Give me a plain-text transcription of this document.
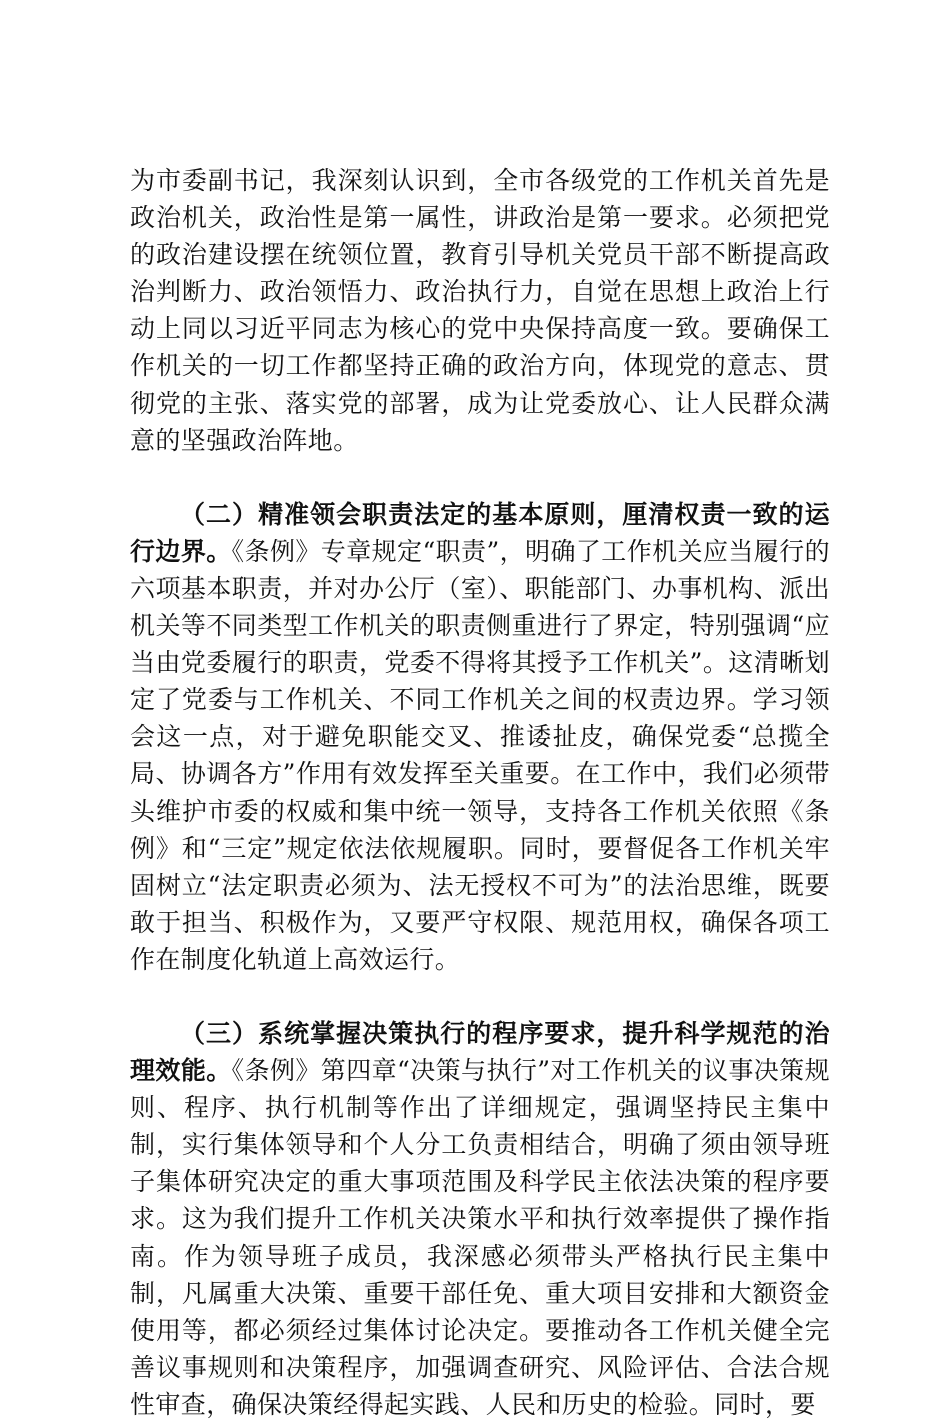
为市委副书记，我深刻认识到，全市各级党的工作机关首先是政治机关，政治性是第一属性，讲政治是第一要求。必须把党的政治建设摆在统领位置，教育引导机关党员干部不断提高政治判断力、政治领悟力、政治执行力，自觉在思想上政治上行动上同以习近平同志为核心的党中央保持高度一致。要确保工作机关的一切工作都坚持正确的政治方向，体现党的意志、贯彻党的主张、落实党的部署，成为让党委放心、让人民群众满意的坚强政治阵地。

（二）精准领会职责法定的基本原则，厘清权责一致的运行边界。《条例》专章规定“职责”，明确了工作机关应当履行的六项基本职责，并对办公厅（室）、职能部门、办事机构、派出机关等不同类型工作机关的职责侧重进行了界定，特别强调“应当由党委履行的职责，党委不得将其授予工作机关”。这清晰划定了党委与工作机关、不同工作机关之间的权责边界。学习领会这一点，对于避免职能交叉、推诿扯皮，确保党委“总揽全局、协调各方”作用有效发挥至关重要。在工作中，我们必须带头维护市委的权威和集中统一领导，支持各工作机关依照《条例》和“三定”规定依法依规履职。同时，要督促各工作机关牢固树立“法定职责必须为、法无授权不可为”的法治思维，既要敢于担当、积极作为，又要严守权限、规范用权，确保各项工作在制度化轨道上高效运行。

（三）系统掌握决策执行的程序要求，提升科学规范的治理效能。《条例》第四章“决策与执行”对工作机关的议事决策规则、程序、执行机制等作出了详细规定，强调坚持民主集中制，实行集体领导和个人分工负责相结合，明确了须由领导班子集体研究决定的重大事项范围及科学民主依法决策的程序要求。这为我们提升工作机关决策水平和执行效率提供了操作指南。作为领导班子成员，我深感必须带头严格执行民主集中制，凡属重大决策、重要干部任免、重大项目安排和大额资金使用等，都必须经过集体讨论决定。要推动各工作机关健全完善议事规则和决策程序，加强调查研究、风险评估、合法合规性审查，确保决策经得起实践、人民和历史的检验。同时，要
